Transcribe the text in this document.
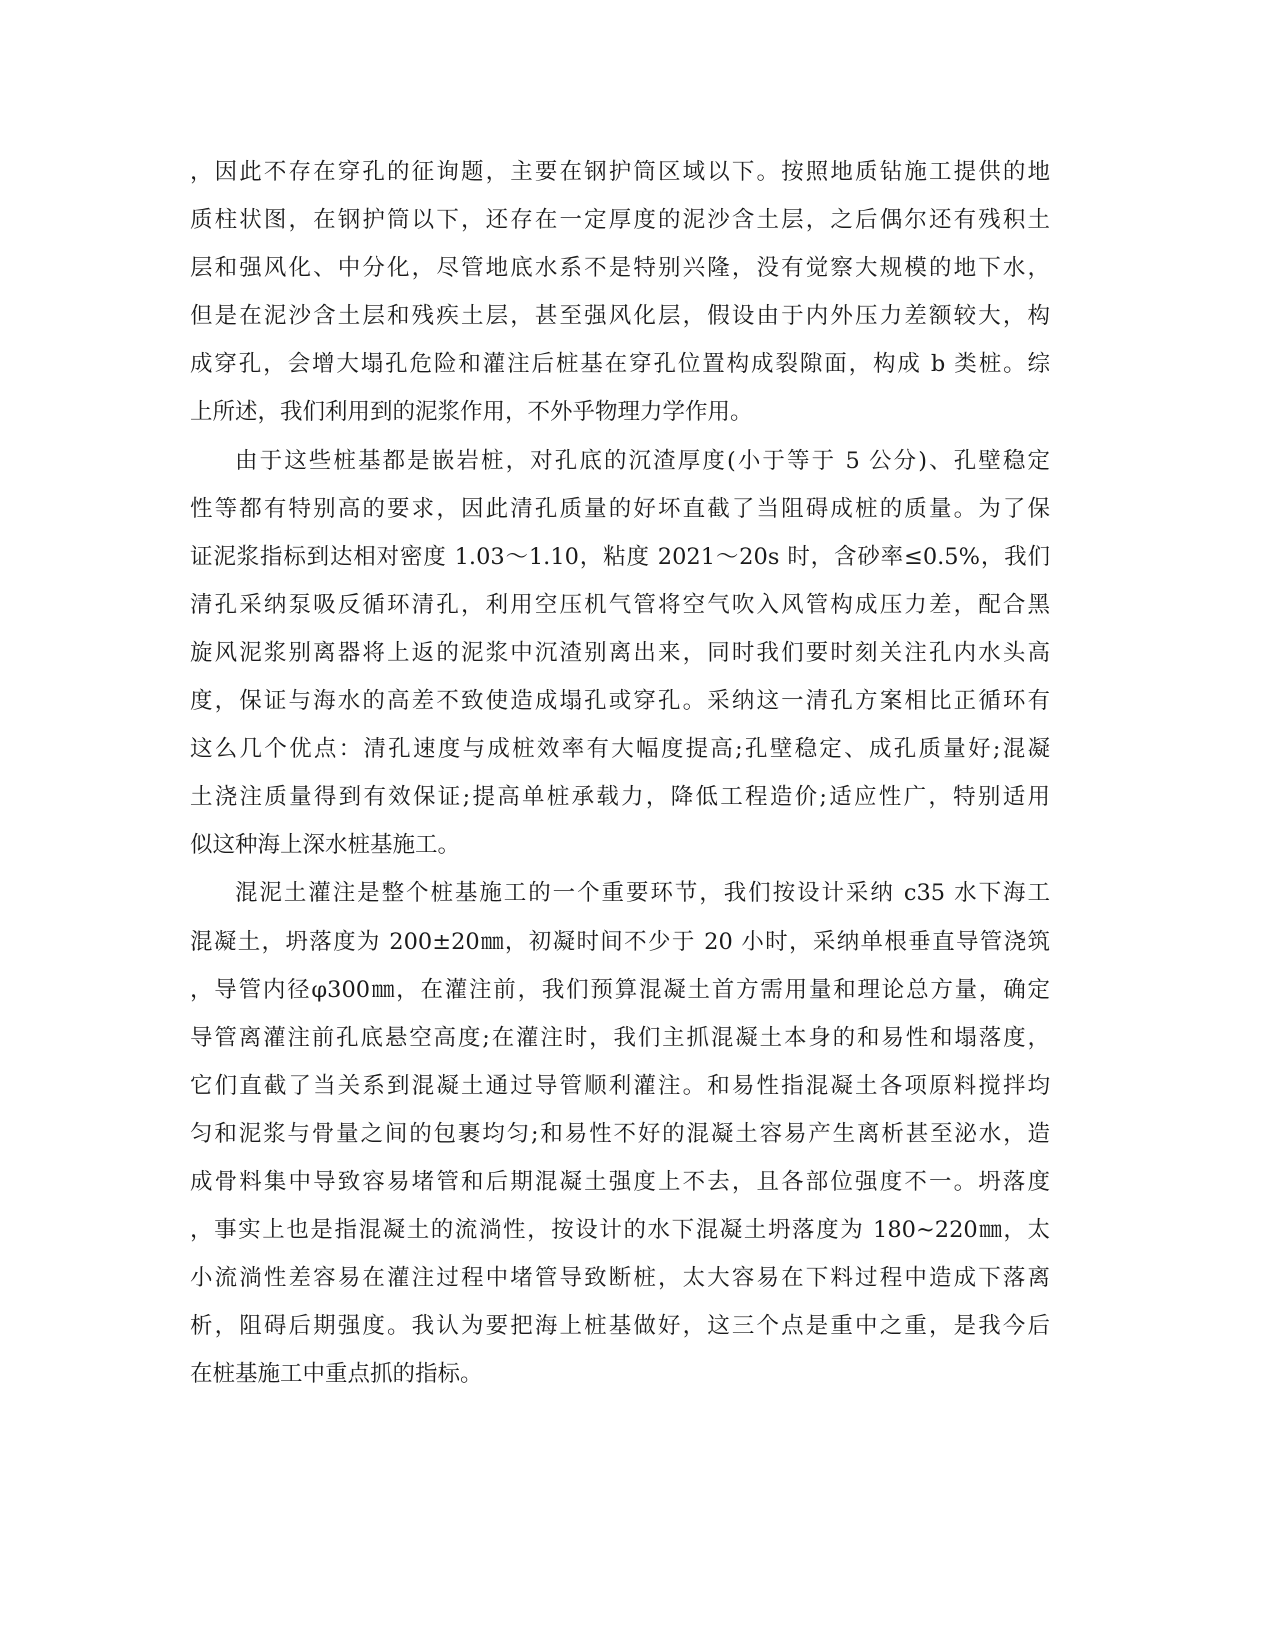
，因此不存在穿孔的征询题，主要在钢护筒区域以下。按照地质钻施工提供的地
质柱状图，在钢护筒以下，还存在一定厚度的泥沙含土层，之后偶尔还有残积土
层和强风化、中分化，尽管地底水系不是特别兴隆，没有觉察大规模的地下水，
但是在泥沙含土层和残疾土层，甚至强风化层，假设由于内外压力差额较大，构
成穿孔，会增大塌孔危险和灌注后桩基在穿孔位置构成裂隙面，构成 b 类桩。综
上所述，我们利用到的泥浆作用，不外乎物理力学作用。

由于这些桩基都是嵌岩桩，对孔底的沉渣厚度(小于等于 5 公分)、孔壁稳定
性等都有特别高的要求，因此清孔质量的好坏直截了当阻碍成桩的质量。为了保
证泥浆指标到达相对密度 1.03～1.10，粘度 2021～20s 时，含砂率≤0.5%，我们
清孔采纳泵吸反循环清孔，利用空压机气管将空气吹入风管构成压力差，配合黑
旋风泥浆别离器将上返的泥浆中沉渣别离出来，同时我们要时刻关注孔内水头高
度，保证与海水的高差不致使造成塌孔或穿孔。采纳这一清孔方案相比正循环有
这么几个优点：清孔速度与成桩效率有大幅度提高;孔壁稳定、成孔质量好;混凝
土浇注质量得到有效保证;提高单桩承载力，降低工程造价;适应性广，特别适用
似这种海上深水桩基施工。

混泥土灌注是整个桩基施工的一个重要环节，我们按设计采纳 c35 水下海工
混凝土，坍落度为 200±20㎜，初凝时间不少于 20 小时，采纳单根垂直导管浇筑
，导管内径φ300㎜，在灌注前，我们预算混凝土首方需用量和理论总方量，确定
导管离灌注前孔底悬空高度;在灌注时，我们主抓混凝土本身的和易性和塌落度，
它们直截了当关系到混凝土通过导管顺利灌注。和易性指混凝土各项原料搅拌均
匀和泥浆与骨量之间的包裹均匀;和易性不好的混凝土容易产生离析甚至泌水，造
成骨料集中导致容易堵管和后期混凝土强度上不去，且各部位强度不一。坍落度
，事实上也是指混凝土的流淌性，按设计的水下混凝土坍落度为 180~220㎜，太
小流淌性差容易在灌注过程中堵管导致断桩，太大容易在下料过程中造成下落离
析，阻碍后期强度。我认为要把海上桩基做好，这三个点是重中之重，是我今后
在桩基施工中重点抓的指标。
